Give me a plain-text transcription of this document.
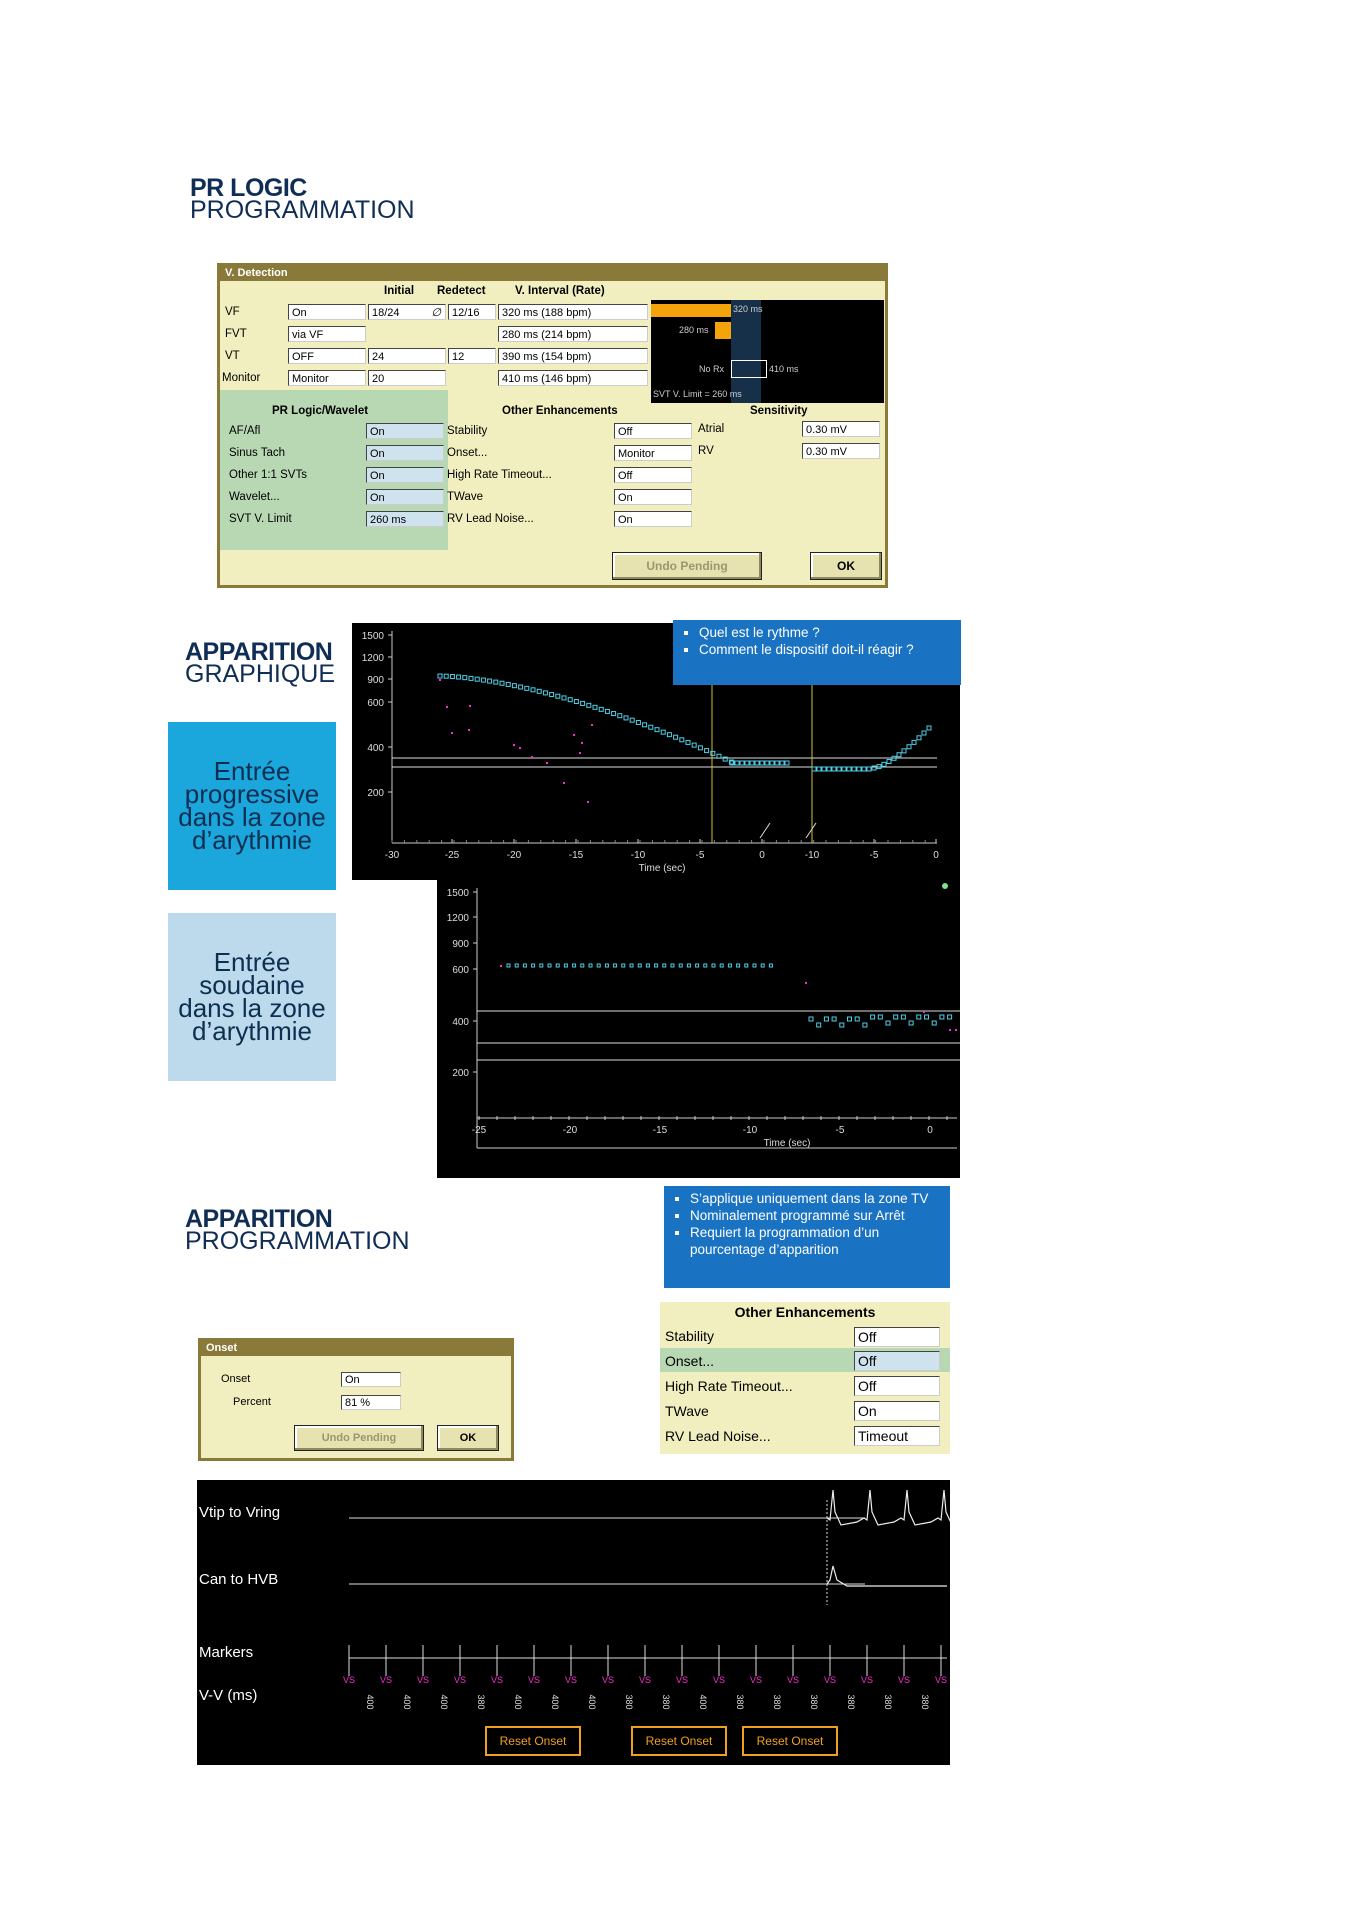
PR LOGIC
PROGRAMMATION
V. Detection
Initial Redetect	V. Interval (Rate)
VF	On	18/24	∅	12/16	320 ms (188 bpm)
FVT	via VF	280 ms (214 bpm)
VT	OFF	24	12	390 ms (154 bpm)
Monitor	Monitor	20	410 ms (146 bpm)
320 ms
280 ms
No Rx	410 ms
SVT V. Limit = 260 ms
PR Logic/Wavelet	Other Enhancements	Sensitivity
AF/Afl	On
Sinus Tach	On
Other 1:1 SVTs	On
Wavelet...	On
SVT V. Limit	260 ms
Stability	Off
Onset...	Monitor
High Rate Timeout...	Off
TWave	On
RV Lead Noise...	On
Atrial	0.30 mV
RV	0.30 mV
Undo Pending	OK
APPARITION
GRAPHIQUE
Entrée progressive dans la zone d’arythmie
Entrée soudaine dans la zone d’arythmie
1500
1200
900
600
400
200
-30	-25	-20	-15	-10	-5	0	-10	-5	0
Time (sec)
▪ Quel est le rythme ?
▪ Comment le dispositif doit-il réagir ?
1500
1200
900
600
400
200
-25	-20	-15	-10	-5	0
Time (sec)
APPARITION
PROGRAMMATION
▪ S’applique uniquement dans la zone TV
▪ Nominalement programmé sur Arrêt
▪ Requiert la programmation d’un pourcentage d’apparition
Onset
Onset	On
Percent	81 %
Undo Pending	OK
Other Enhancements
Stability	Off
Onset...	Off
High Rate Timeout...	Off
TWave	On
RV Lead Noise...	Timeout
VS	VS	VS	VS	VS	VS	VS	VS	VS	VS	VS	VS	VS	VS	VS	VS	VS
400	400	400	380	400	400	400	380	380	400	380	380	380	380	380	380
Vtip to Vring
Can to HVB
Markers
V-V (ms)
Reset Onset	Reset Onset	Reset Onset
